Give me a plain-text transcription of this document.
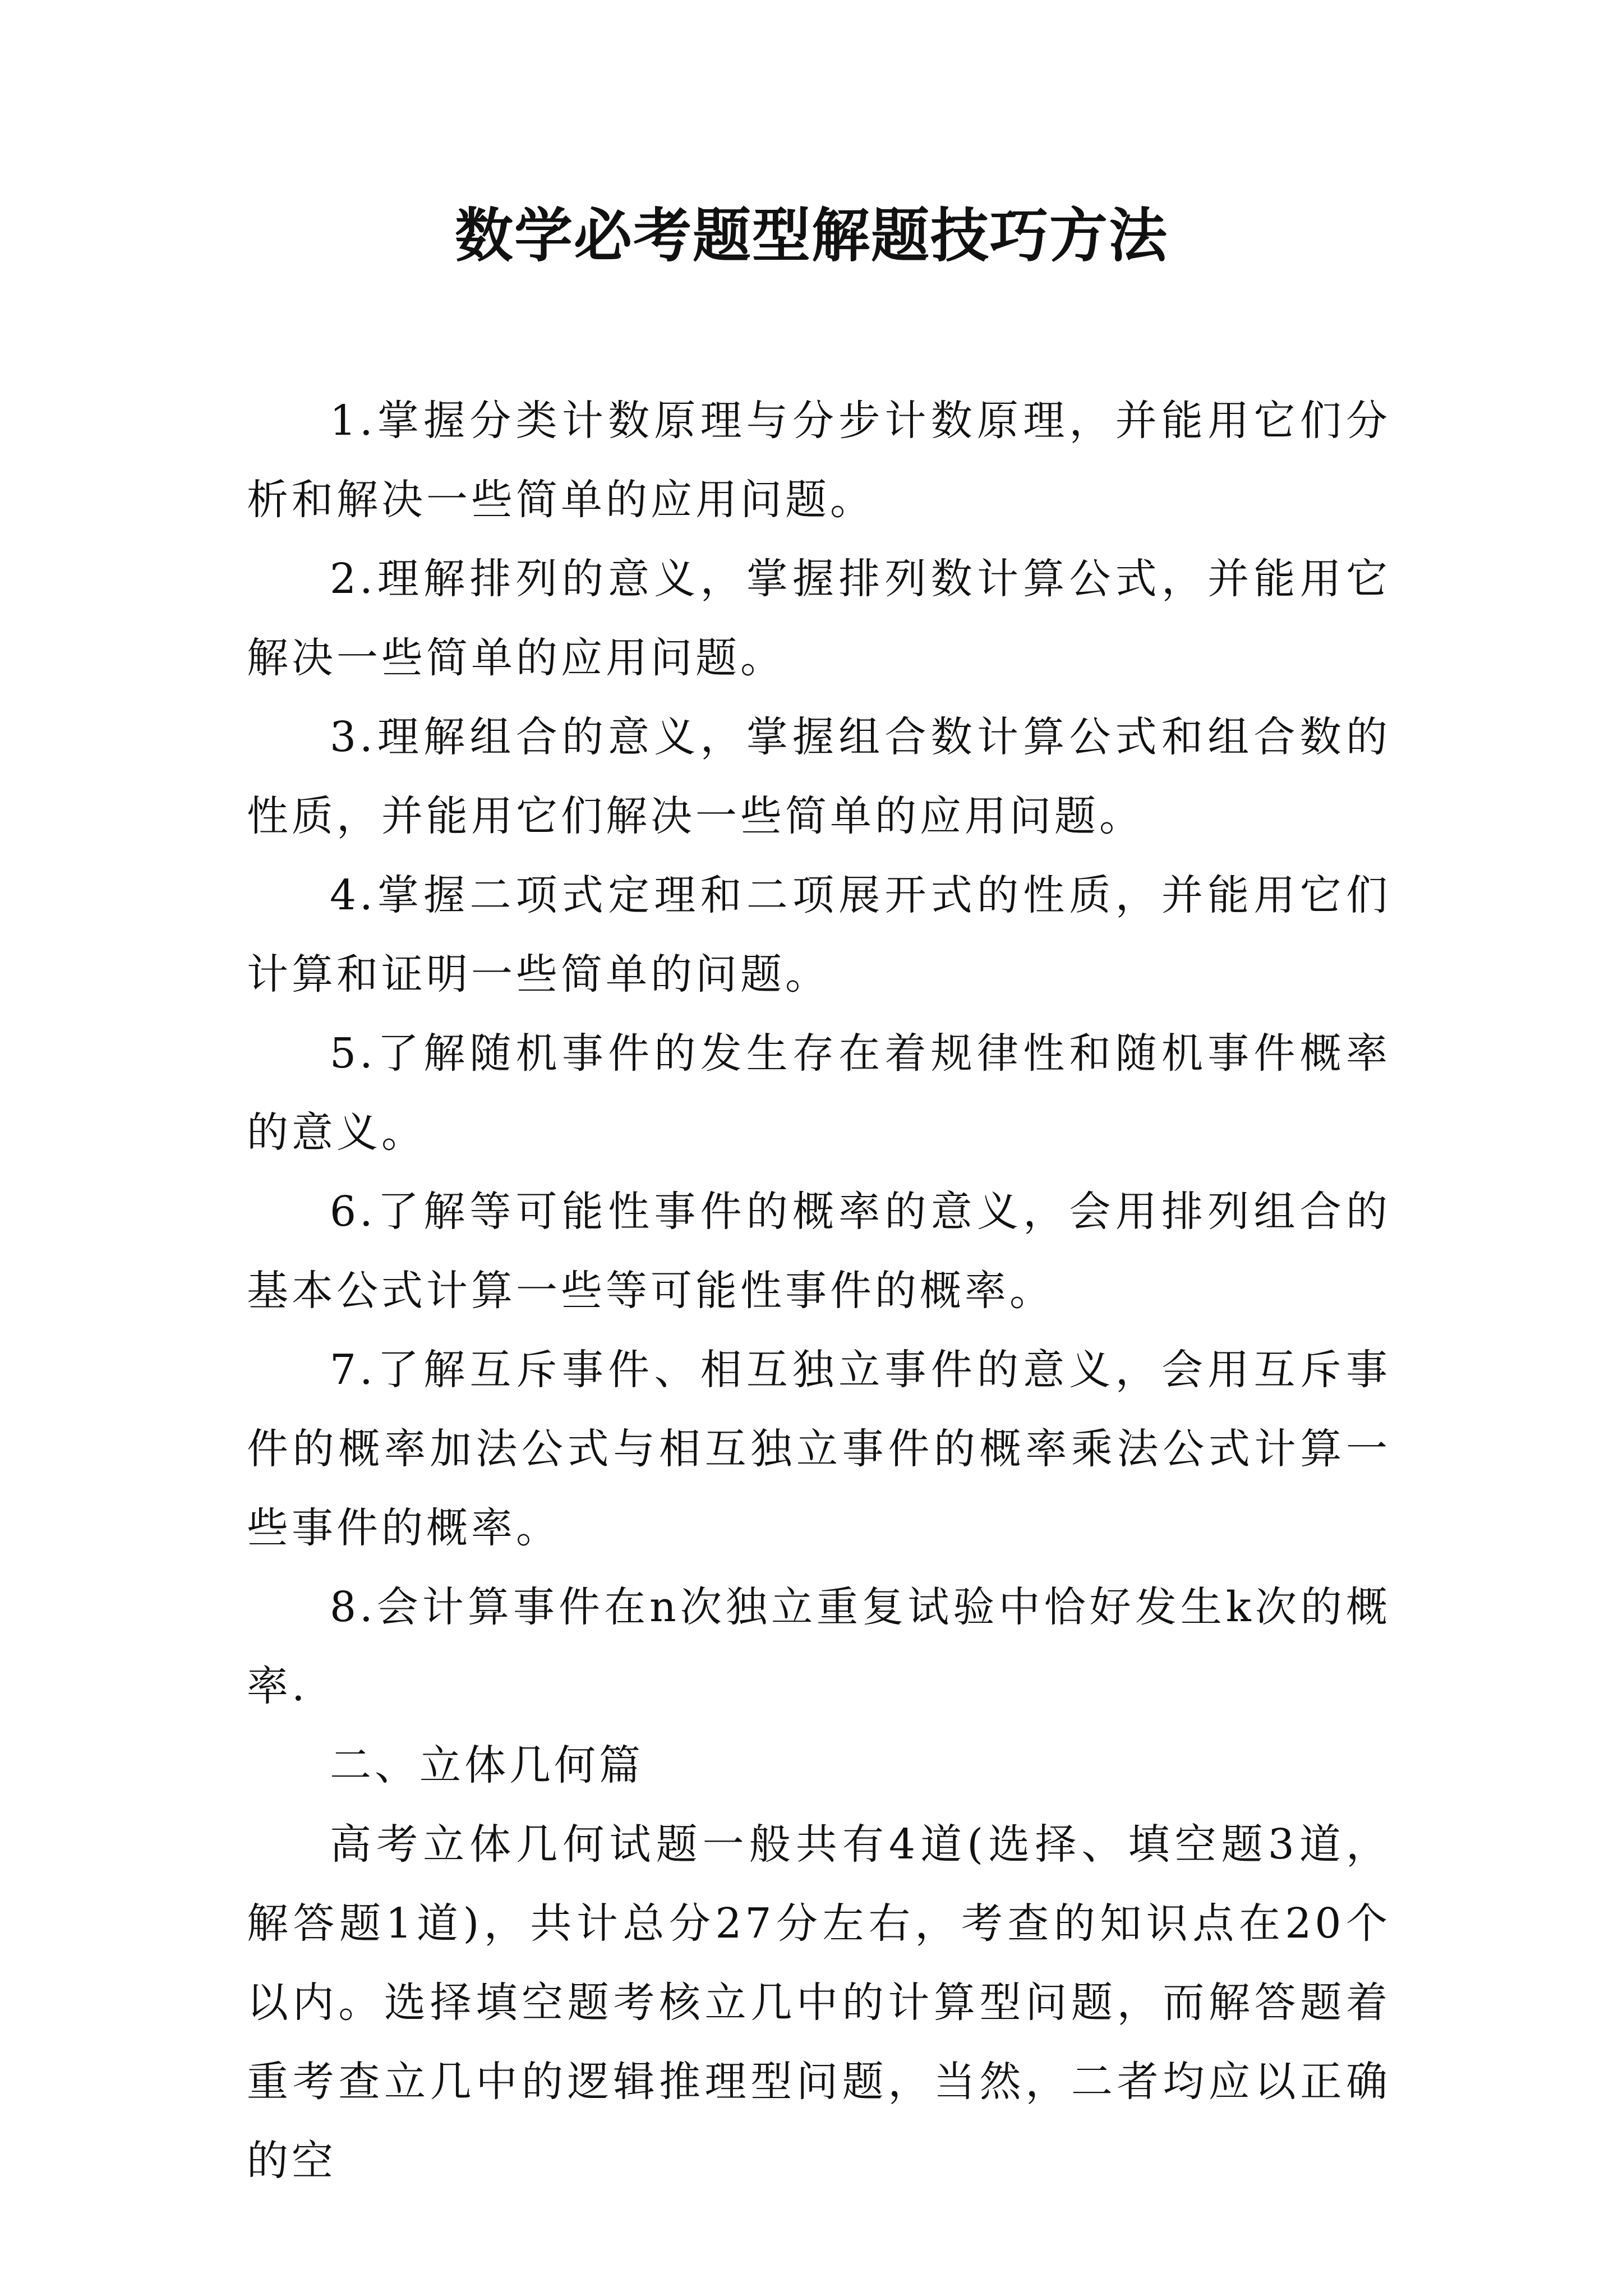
数学必考题型解题技巧方法

1.掌握分类计数原理与分步计数原理，并能用它们分析和解决一些简单的应用问题。

2.理解排列的意义，掌握排列数计算公式，并能用它解决一些简单的应用问题。

3.理解组合的意义，掌握组合数计算公式和组合数的性质，并能用它们解决一些简单的应用问题。

4.掌握二项式定理和二项展开式的性质，并能用它们计算和证明一些简单的问题。

5.了解随机事件的发生存在着规律性和随机事件概率的意义。

6.了解等可能性事件的概率的意义，会用排列组合的基本公式计算一些等可能性事件的概率。

7.了解互斥事件、相互独立事件的意义，会用互斥事件的概率加法公式与相互独立事件的概率乘法公式计算一些事件的概率。

8.会计算事件在n次独立重复试验中恰好发生k次的概率.

二、立体几何篇

高考立体几何试题一般共有4道(选择、填空题3道，解答题1道)，共计总分27分左右，考查的知识点在20个以内。选择填空题考核立几中的计算型问题，而解答题着重考查立几中的逻辑推理型问题，当然，二者均应以正确的空
